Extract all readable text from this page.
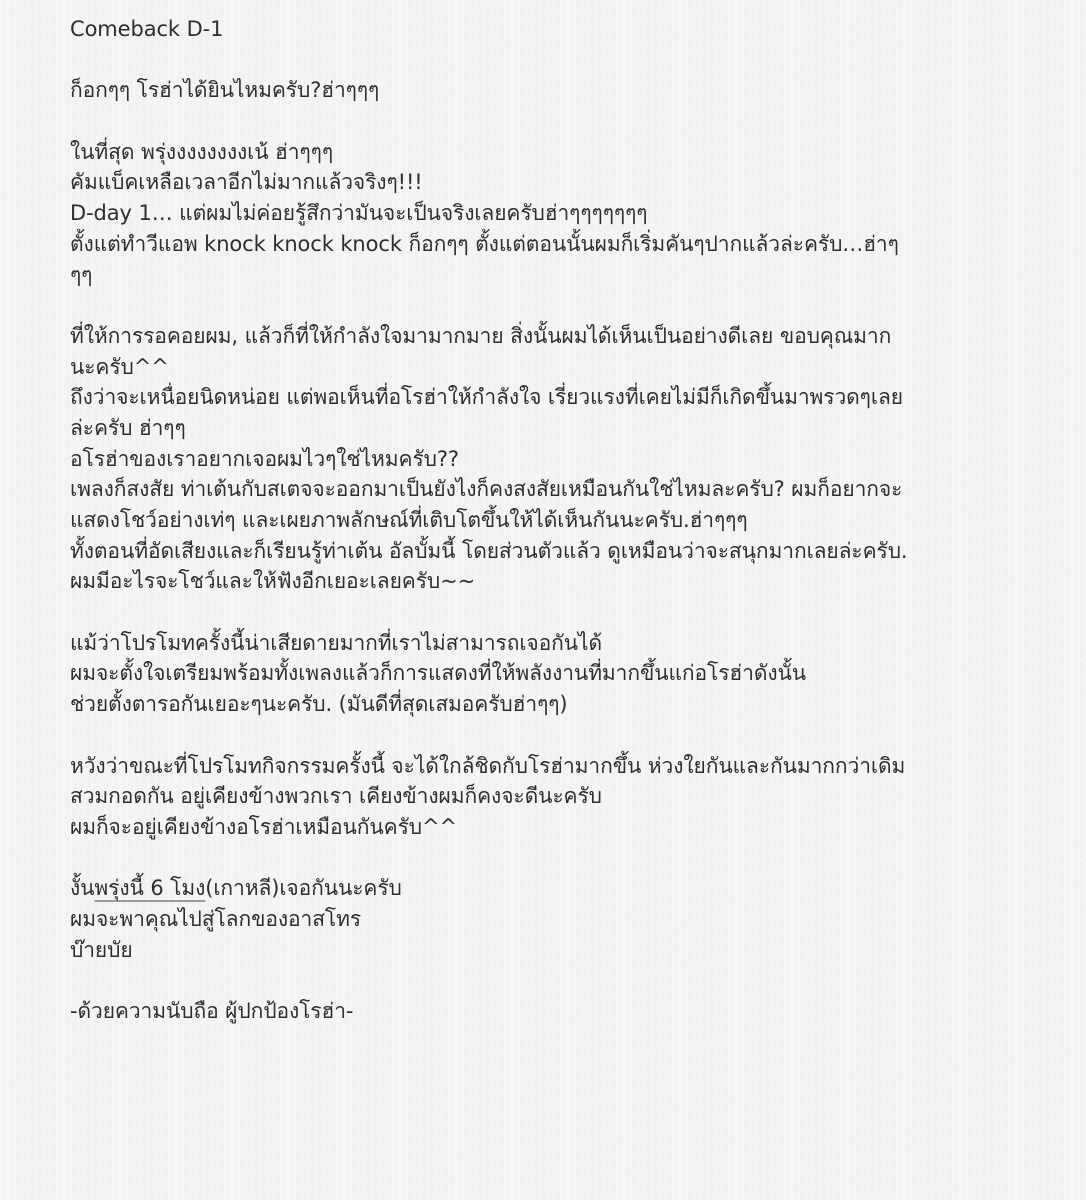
Comeback D-1
ก็อกๆๆ โรฮ่าได้ยินไหมครับ?ฮ่าๆๆๆ
ในที่สุด พรุ่งงงงงงงงเน้ ฮ่าๆๆๆ
คัมแบ็คเหลือเวลาอีกไม่มากแล้วจริงๆ!!!
D-day 1… แต่ผมไม่ค่อยรู้สึกว่ามันจะเป็นจริงเลยครับฮ่าๆๆๆๆๆๆๆ
ตั้งแต่ทำวีแอพ knock knock knock ก็อกๆๆ ตั้งแต่ตอนนั้นผมก็เริ่มคันๆปากแล้วล่ะครับ…ฮ่าๆ
ๆๆ
ที่ให้การรอคอยผม, แล้วก็ที่ให้กำลังใจมามากมาย สิ่งนั้นผมได้เห็นเป็นอย่างดีเลย ขอบคุณมาก
นะครับ^^
ถึงว่าจะเหนื่อยนิดหน่อย แต่พอเห็นที่อโรฮ่าให้กำลังใจ เรี่ยวแรงที่เคยไม่มีก็เกิดขึ้นมาพรวดๆเลย
ล่ะครับ ฮ่าๆๆ
อโรฮ่าของเราอยากเจอผมไวๆใช่ไหมครับ??
เพลงก็สงสัย ท่าเต้นกับสเตจจะออกมาเป็นยังไงก็คงสงสัยเหมือนกันใช่ไหมละครับ? ผมก็อยากจะ
แสดงโชว์อย่างเท่ๆ และเผยภาพลักษณ์ที่เติบโตขึ้นให้ได้เห็นกันนะครับ.ฮ่าๆๆๆ
ทั้งตอนที่อัดเสียงและก็เรียนรู้ท่าเต้น อัลบั้มนี้ โดยส่วนตัวแล้ว ดูเหมือนว่าจะสนุกมากเลยล่ะครับ.
ผมมีอะไรจะโชว์และให้ฟังอีกเยอะเลยครับ~~
แม้ว่าโปรโมทครั้งนี้น่าเสียดายมากที่เราไม่สามารถเจอกันได้
ผมจะตั้งใจเตรียมพร้อมทั้งเพลงแล้วก็การแสดงที่ให้พลังงานที่มากขึ้นแก่อโรฮ่าดังนั้น
ช่วยตั้งตารอกันเยอะๆนะครับ. (มันดีที่สุดเสมอครับฮ่าๆๆ)
หวังว่าขณะที่โปรโมทกิจกรรมครั้งนี้ จะได้ใกล้ชิดกับโรฮ่ามากขึ้น ห่วงใยกันและกันมากกว่าเดิม
สวมกอดกัน อยู่เคียงข้างพวกเรา เคียงข้างผมก็คงจะดีนะครับ
ผมก็จะอยู่เคียงข้างอโรฮ่าเหมือนกันครับ^^
งั้นพรุ่งนี้ 6 โมง(เกาหลี)เจอกันนะครับ
ผมจะพาคุณไปสู่โลกของอาสโทร
บ๊ายบัย
-ด้วยความนับถือ ผู้ปกป้องโรฮ่า-
